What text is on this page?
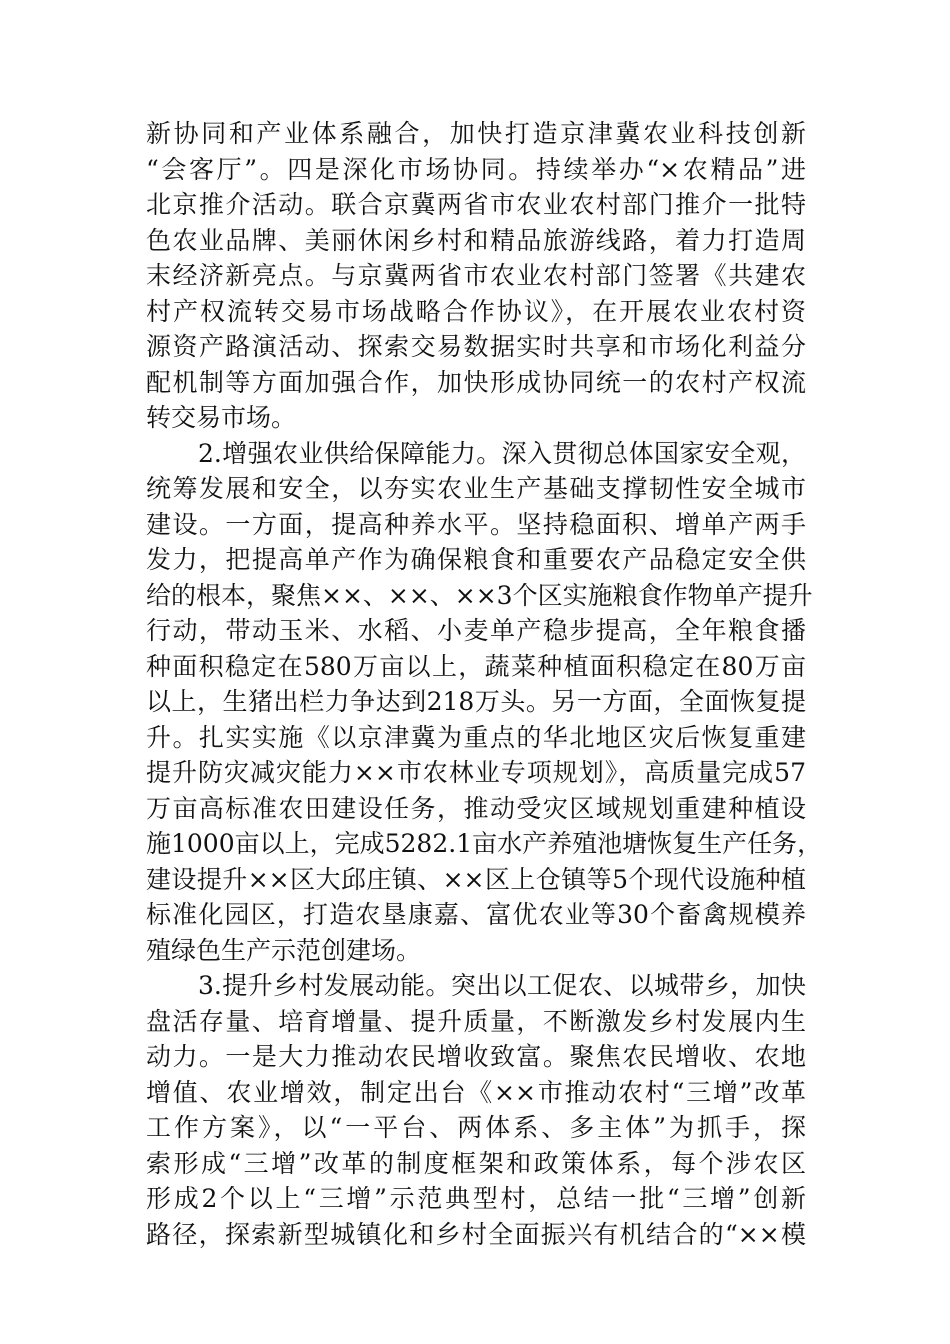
新协同和产业体系融合，加快打造京津冀农业科技创新
“会客厅”。四是深化市场协同。持续举办“×农精品”进
北京推介活动。联合京冀两省市农业农村部门推介一批特
色农业品牌、美丽休闲乡村和精品旅游线路，着力打造周
末经济新亮点。与京冀两省市农业农村部门签署《共建农
村产权流转交易市场战略合作协议》，在开展农业农村资
源资产路演活动、探索交易数据实时共享和市场化利益分
配机制等方面加强合作，加快形成协同统一的农村产权流
转交易市场。
2.增强农业供给保障能力。深入贯彻总体国家安全观，
统筹发展和安全，以夯实农业生产基础支撑韧性安全城市
建设。一方面，提高种养水平。坚持稳面积、增单产两手
发力，把提高单产作为确保粮食和重要农产品稳定安全供
给的根本，聚焦××、××、××3个区实施粮食作物单产提升
行动，带动玉米、水稻、小麦单产稳步提高，全年粮食播
种面积稳定在580万亩以上，蔬菜种植面积稳定在80万亩
以上，生猪出栏力争达到218万头。另一方面，全面恢复提
升。扎实实施《以京津冀为重点的华北地区灾后恢复重建
提升防灾减灾能力××市农林业专项规划》，高质量完成57
万亩高标准农田建设任务，推动受灾区域规划重建种植设
施1000亩以上，完成5282.1亩水产养殖池塘恢复生产任务，
建设提升××区大邱庄镇、××区上仓镇等5个现代设施种植
标准化园区，打造农垦康嘉、富优农业等30个畜禽规模养
殖绿色生产示范创建场。
3.提升乡村发展动能。突出以工促农、以城带乡，加快
盘活存量、培育增量、提升质量，不断激发乡村发展内生
动力。一是大力推动农民增收致富。聚焦农民增收、农地
增值、农业增效，制定出台《××市推动农村“三增”改革
工作方案》，以“一平台、两体系、多主体”为抓手，探
索形成“三增”改革的制度框架和政策体系，每个涉农区
形成2个以上“三增”示范典型村，总结一批“三增”创新
路径，探索新型城镇化和乡村全面振兴有机结合的“××模
